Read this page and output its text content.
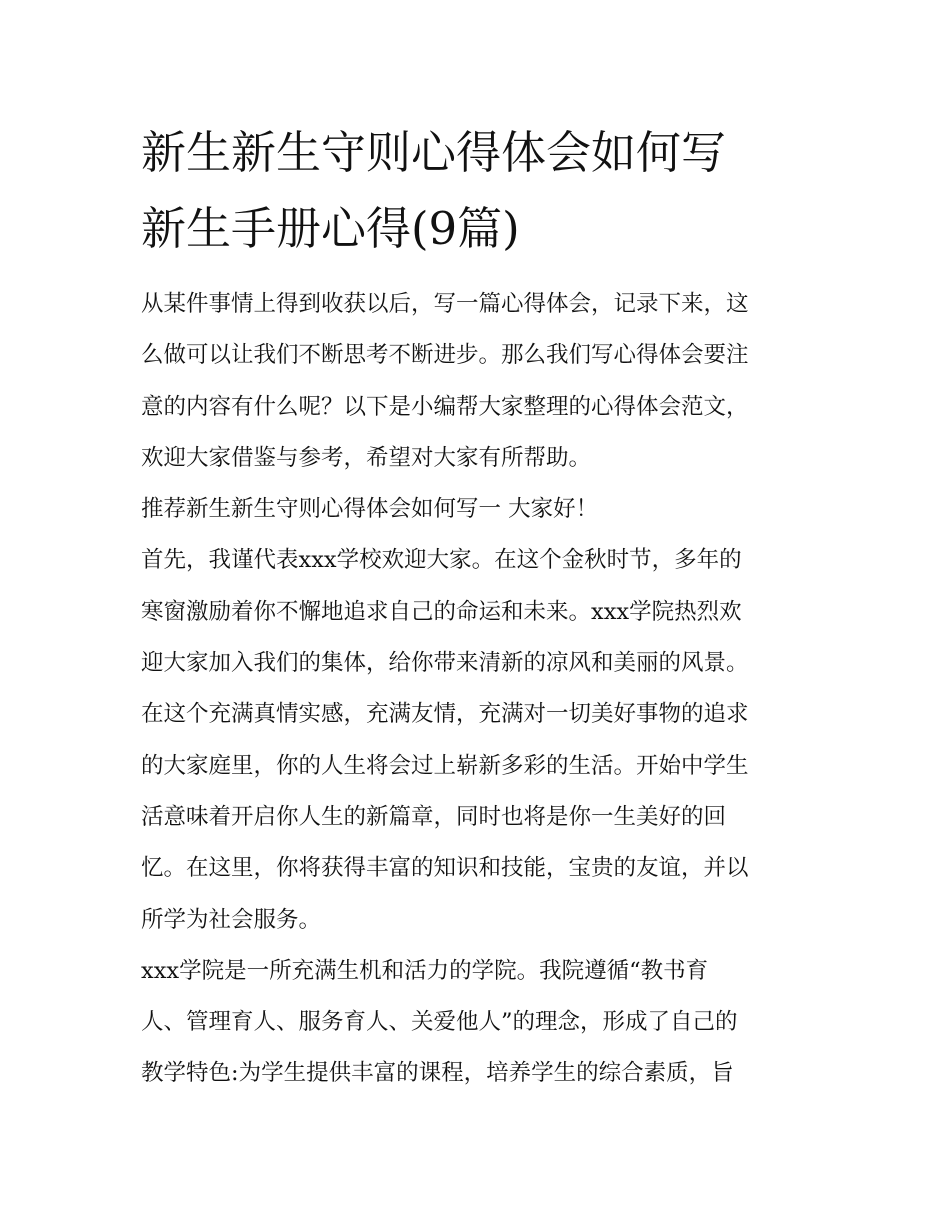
新生新生守则心得体会如何写
新生手册心得(9篇)
从某件事情上得到收获以后，写一篇心得体会，记录下来，这
么做可以让我们不断思考不断进步。那么我们写心得体会要注
意的内容有什么呢？以下是小编帮大家整理的心得体会范文，
欢迎大家借鉴与参考，希望对大家有所帮助。
推荐新生新生守则心得体会如何写一 大家好！
首先，我谨代表xxx学校欢迎大家。在这个金秋时节，多年的
寒窗激励着你不懈地追求自己的命运和未来。xxx学院热烈欢
迎大家加入我们的集体，给你带来清新的凉风和美丽的风景。
在这个充满真情实感，充满友情，充满对一切美好事物的追求
的大家庭里，你的人生将会过上崭新多彩的生活。开始中学生
活意味着开启你人生的新篇章，同时也将是你一生美好的回
忆。在这里，你将获得丰富的知识和技能，宝贵的友谊，并以
所学为社会服务。
xxx学院是一所充满生机和活力的学院。我院遵循“教书育
人、管理育人、服务育人、关爱他人”的理念，形成了自己的
教学特色:为学生提供丰富的课程，培养学生的综合素质，旨
